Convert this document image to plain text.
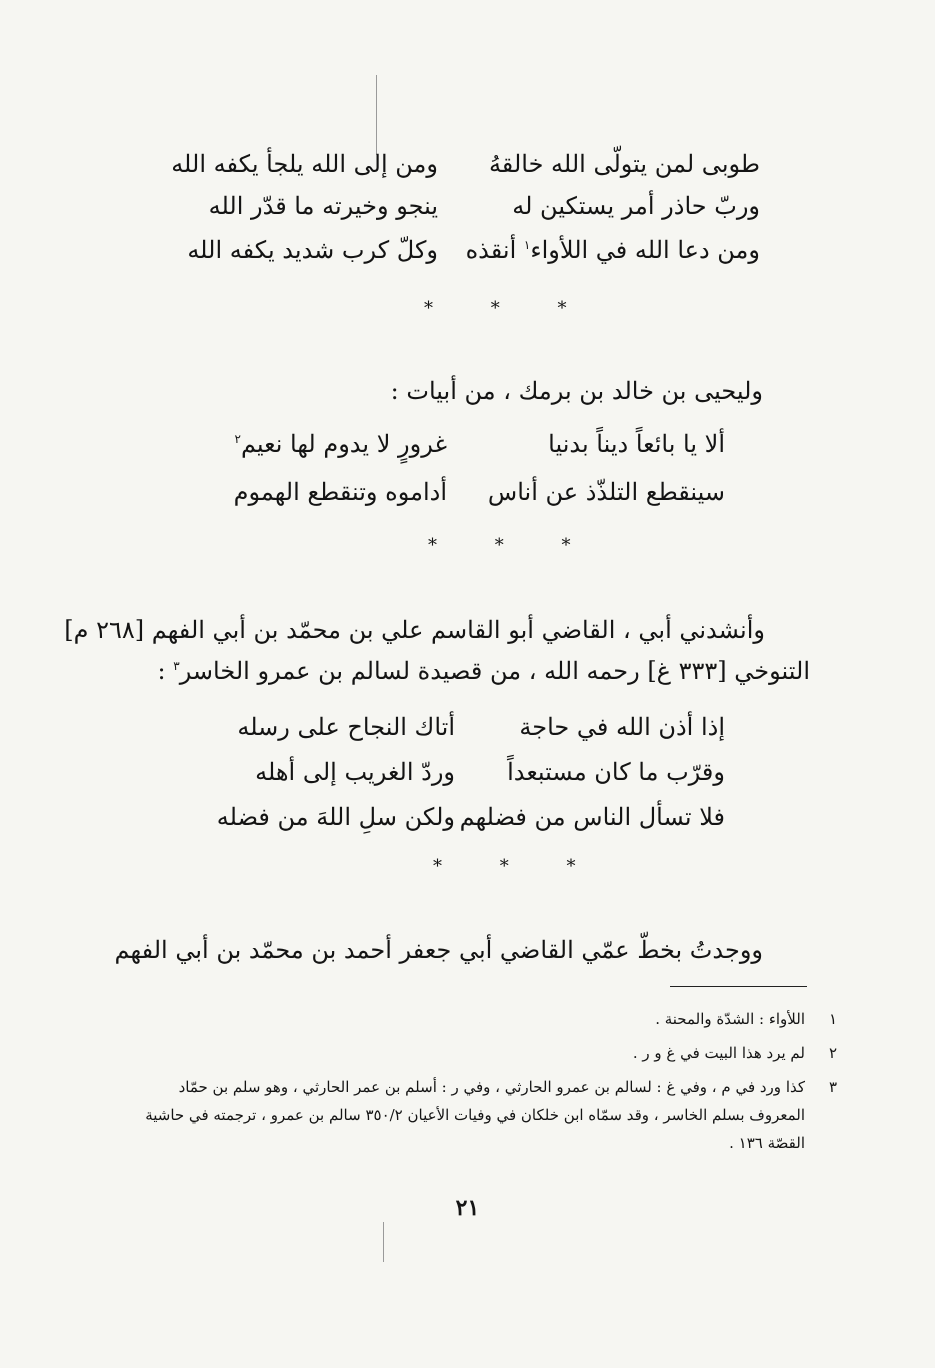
طوبى لمن يتولّى الله خالقهُ
ومن إلى الله يلجأ يكفه الله
وربّ حاذر أمر يستكين له
ينجو وخيرته ما قدّر الله
ومن دعا الله في اللأواء$^١$ أنقذه
وكلّ كرب شديد يكفه الله
* * *
وليحيى بن خالد بن برمك ، من أبيات :
ألا يا بائعاً ديناً بدنيا
غرورٍ لا يدوم لها نعيم$^٢$
سينقطع التلذّذ عن أناس
أداموه وتنقطع الهموم
* * *
وأنشدني أبي ، القاضي أبو القاسم علي بن محمّد بن أبي الفهم [٢٦٨ م]
التنوخي [٣٣٣ غ] رحمه الله ، من قصيدة لسالم بن عمرو الخاسر$^٣$ :
إذا أذن الله في حاجة
أتاك النجاح على رسله
وقرّب ما كان مستبعداً
وردّ الغريب إلى أهله
فلا تسأل الناس من فضلهم
ولكن سلِ اللهَ من فضله
* * *
ووجدتُ بخطّ عمّي القاضي أبي جعفر أحمد بن محمّد بن أبي الفهم
١
اللأواء : الشدّة والمحنة .
٢
لم يرد هذا البيت في غ و ر .
٣
كذا ورد في م ، وفي غ : لسالم بن عمرو الحارثي ، وفي ر : أسلم بن عمر الحارثي ، وهو سلم بن حمّاد المعروف بسلم الخاسر ، وقد سمّاه ابن خلكان في وفيات الأعيان ٣٥٠/٢ سالم بن عمرو ، ترجمته في حاشية القصّة ١٣٦ .
٢١
